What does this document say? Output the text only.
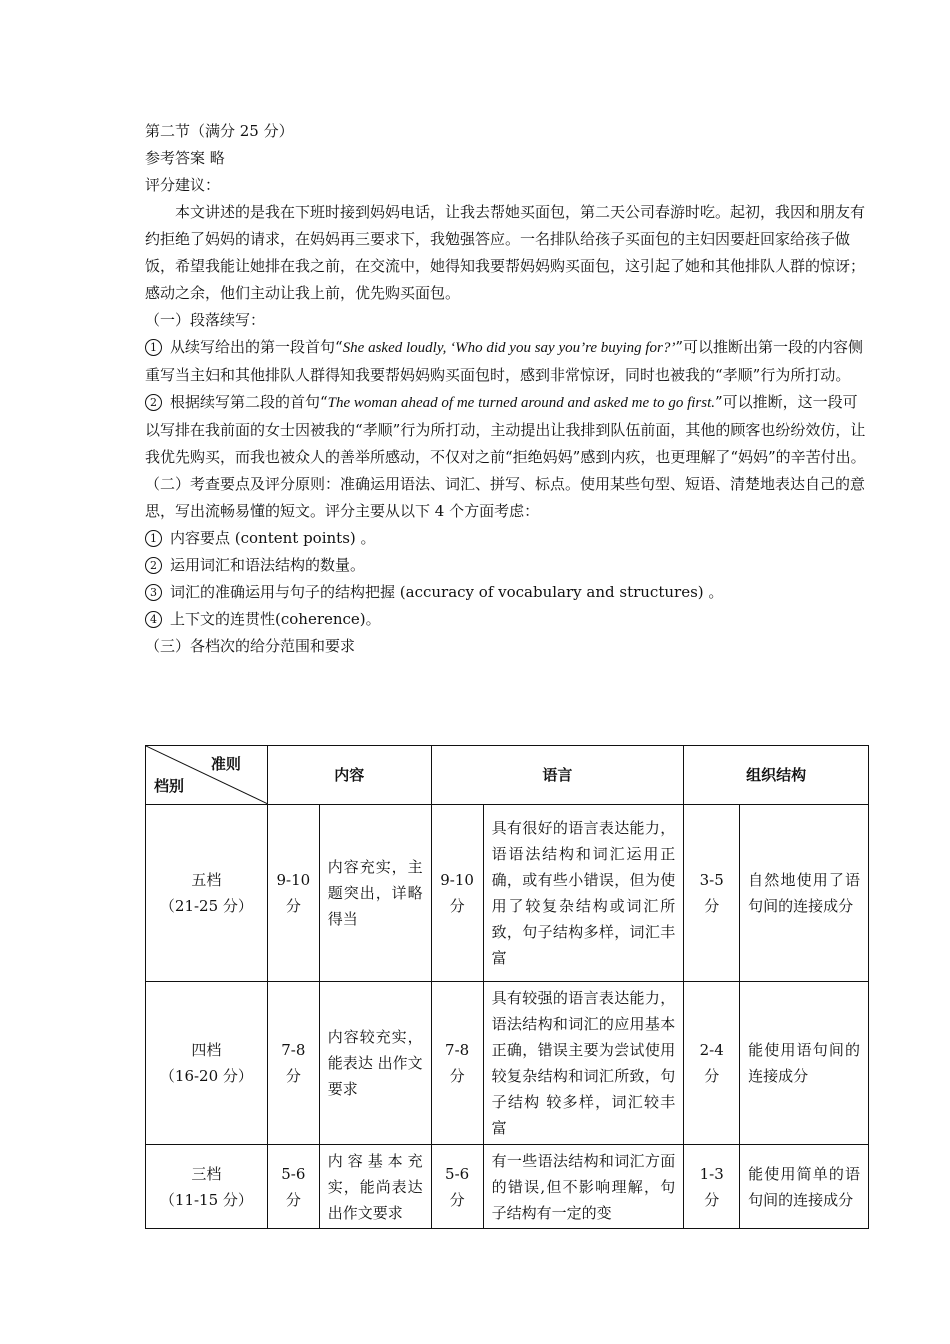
第二节（满分 25 分）
参考答案 略
评分建议：
本文讲述的是我在下班时接到妈妈电话，让我去帮她买面包，第二天公司春游时吃。起初，我因和朋友有约拒绝了妈妈的请求，在妈妈再三要求下，我勉强答应。一名排队给孩子买面包的主妇因要赶回家给孩子做饭，希望我能让她排在我之前，在交流中，她得知我要帮妈妈购买面包，这引起了她和其他排队人群的惊讶；感动之余，他们主动让我上前，优先购买面包。
（一）段落续写：
1 从续写给出的第一段首句“She asked loudly, ‘Who did you say you’re buying for?’”可以推断出第一段的内容侧重写当主妇和其他排队人群得知我要帮妈妈购买面包时，感到非常惊讶，同时也被我的“孝顺”行为所打动。
2 根据续写第二段的首句“The woman ahead of me turned around and asked me to go first.”可以推断，这一段可以写排在我前面的女士因被我的“孝顺”行为所打动，主动提出让我排到队伍前面，其他的顾客也纷纷效仿，让我优先购买，而我也被众人的善举所感动，不仅对之前“拒绝妈妈”感到内疚，也更理解了“妈妈”的辛苦付出。
（二）考查要点及评分原则：准确运用语法、词汇、拼写、标点。使用某些句型、短语、清楚地表达自己的意思，写出流畅易懂的短文。评分主要从以下 4 个方面考虑：
1 内容要点 (content points) 。
2 运用词汇和语法结构的数量。
3 词汇的准确运用与句子的结构把握 (accuracy of vocabulary and structures) 。
4 上下文的连贯性(coherence)。
（三）各档次的给分范围和要求
准则
档别	内容		语言		组织结构	

五档
（21-25 分）	9-10 分	内容充实，主题突出，详略得当	9-10 分	具有很好的语言表达能力，语语法结构和词汇运用正确，或有些小错误，但为使用了较复杂结构或词汇所致，句子结构多样，词汇丰富	3-5 分	自然地使用了语句间的连接成分

四档
（16-20 分）	7-8 分	内容较充实，能表达 出作文要求	7-8 分	具有较强的语言表达能力，语法结构和词汇的应用基本正确，错误主要为尝试使用较复杂结构和词汇所致，句子结构 较多样，词汇较丰富	2-4 分	能使用语句间的连接成分

三档
（11-15 分）	5-6 分	内容基本充实，能尚表达出作文要求	5-6 分	有一些语法结构和词汇方面的错误,但不影响理解，句子结构有一定的变	1-3 分	能使用简单的语句间的连接成分
